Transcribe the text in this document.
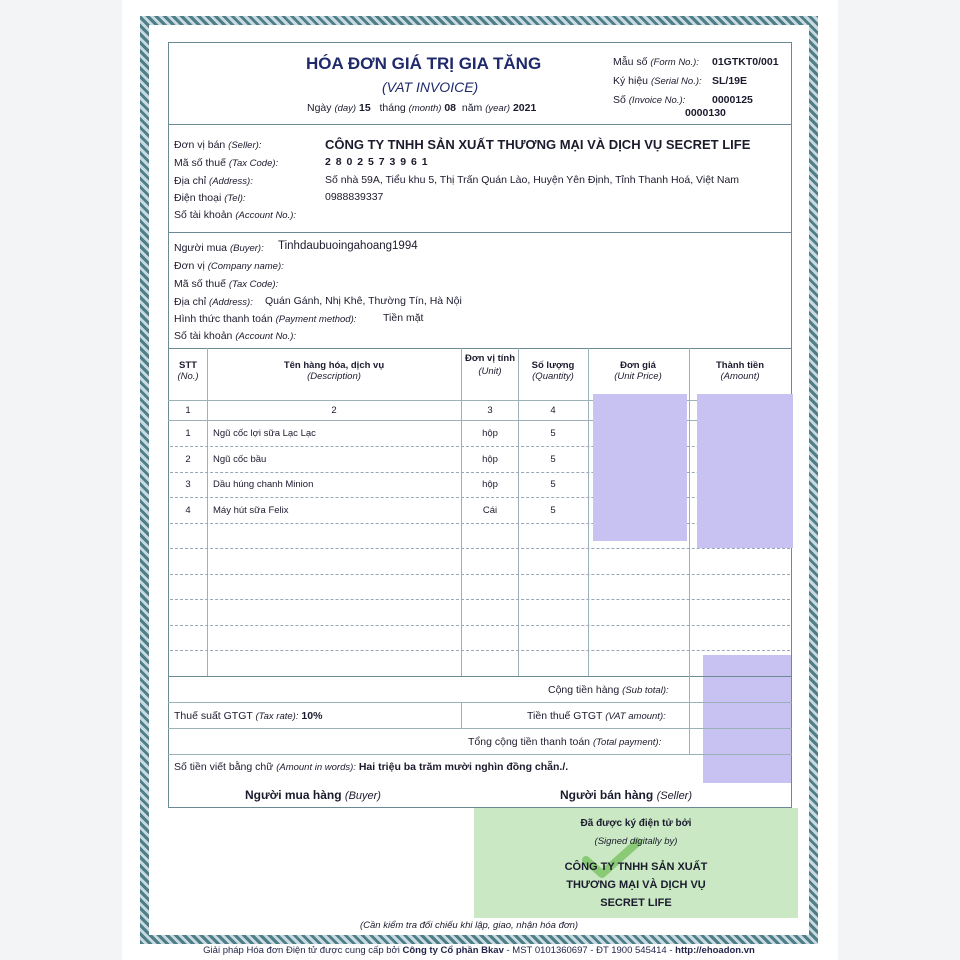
HÓA ĐƠN GIÁ TRỊ GIA TĂNG
(VAT INVOICE)
Ngày (day) 15 tháng (month) 08 năm (year) 2021
Mẫu số (Form No.): 01GTKT0/001
Ký hiệu (Serial No.): SL/19E
Số (Invoice No.):	0000125
0000130
Đơn vị bán (Seller):	CÔNG TY TNHH SẢN XUẤT THƯƠNG MẠI VÀ DỊCH VỤ SECRET LIFE
Mã số thuế (Tax Code):	2 8 0 2 5 7 3 9 6 1
Địa chỉ (Address):	Số nhà 59A, Tiểu khu 5, Thị Trấn Quán Lào, Huyện Yên Định, Tỉnh Thanh Hoá, Việt Nam
Điện thoại (Tel):	0988839337
Số tài khoản (Account No.):
Người mua (Buyer): Tinhdaubuoingahoang1994
Đơn vị (Company name):
Mã số thuế (Tax Code):
Địa chỉ (Address): Quán Gánh, Nhị Khê, Thường Tín, Hà Nội
Hình thức thanh toán (Payment method):	Tiền mặt
Số tài khoản (Account No.):
STT
(No.)
Tên hàng hóa, dịch vụ
(Description)
Đơn vị tính
(Unit)
Số lượng
(Quantity)
Đơn giá
(Unit Price)
Thành tiền
(Amount)
1	2	3	4
1	Ngũ cốc lợi sữa Lạc Lạc	hộp	5
2	Ngũ cốc bầu	hộp	5
3	Dầu húng chanh Minion	hộp	5
4	Máy hút sữa Felix	Cái	5
Cộng tiền hàng (Sub total):
Thuế suất GTGT (Tax rate): 10%	Tiền thuế GTGT (VAT amount):
Tổng cộng tiền thanh toán (Total payment):
Số tiền viết bằng chữ (Amount in words): Hai triệu ba trăm mười nghìn đồng chẵn./.
Người mua hàng (Buyer)	Người bán hàng (Seller)
Đã được ký điện tử bởi
(Signed digitally by)
CÔNG TY TNHH SẢN XUẤT
THƯƠNG MẠI VÀ DỊCH VỤ
SECRET LIFE
(Cần kiểm tra đối chiếu khi lập, giao, nhận hóa đơn)
Giải pháp Hóa đơn Điện tử được cung cấp bởi Công ty Cổ phần Bkav - MST 0101360697 - ĐT 1900 545414 - http://ehoadon.vn
